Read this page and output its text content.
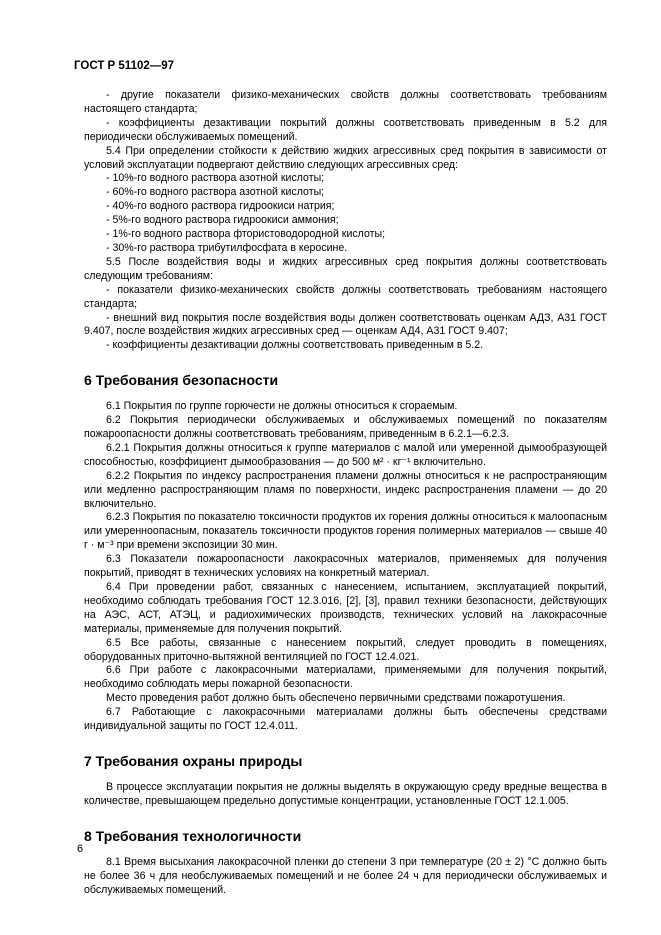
ГОСТ Р 51102—97

- другие показатели физико-механических свойств должны соответствовать требованиям настоящего стандарта;

- коэффициенты дезактивации покрытий должны соответствовать приведенным в 5.2 для периодически обслуживаемых помещений.

5.4 При определении стойкости к действию жидких агрессивных сред покрытия в зависимости от условий эксплуатации подвергают действию следующих агрессивных сред:

- 10%-го водного раствора азотной кислоты;

- 60%-го водного раствора азотной кислоты;

- 40%-го водного раствора гидроокиси натрия;

- 5%-го водного раствора гидроокиси аммония;

- 1%-го водного раствора фтористоводородной кислоты;

- 30%-го раствора трибутилфосфата в керосине.

5.5 После воздействия воды и жидких агрессивных сред покрытия должны соответствовать следующим требованиям:

- показатели физико-механических свойств должны соответствовать требованиям настоящего стандарта;

- внешний вид покрытия после воздействия воды должен соответствовать оценкам АДЗ, А31 ГОСТ 9.407, после воздействия жидких агрессивных сред — оценкам АД4, А31 ГОСТ 9.407;

- коэффициенты дезактивации должны соответствовать приведенным в 5.2.

6 Требования безопасности

6.1 Покрытия по группе горючести не должны относиться к сгораемым.

6.2 Покрытия периодически обслуживаемых и обслуживаемых помещений по показателям пожароопасности должны соответствовать требованиям, приведенным в 6.2.1—6.2.3.

6.2.1 Покрытия должны относиться к группе материалов с малой или умеренной дымообразующей способностью, коэффициент дымообразования — до 500 м² · кг⁻¹ включительно.

6.2.2 Покрытия по индексу распространения пламени должны относиться к не распространяющим или медленно распространяющим пламя по поверхности, индекс распространения пламени — до 20 включительно.

6.2.3 Покрытия по показателю токсичности продуктов их горения должны относиться к малоопасным или умеренноопасным, показатель токсичности продуктов горения полимерных материалов — свыше 40 г · м⁻³ при времени экспозиции 30 мин.

6.3 Показатели пожароопасности лакокрасочных материалов, применяемых для получения покрытий, приводят в технических условиях на конкретный материал.

6.4 При проведении работ, связанных с нанесением, испытанием, эксплуатацией покрытий, необходимо соблюдать требования ГОСТ 12.3.016, [2], [3], правил техники безопасности, действующих на АЭС, АСТ, АТЭЦ, и радиохимических производств, технических условий на лакокрасочные материалы, применяемые для получения покрытий.

6.5 Все работы, связанные с нанесением покрытий, следует проводить в помещениях, оборудованных приточно-вытяжной вентиляцией по ГОСТ 12.4.021.

6.6 При работе с лакокрасочными материалами, применяемыми для получения покрытий, необходимо соблюдать меры пожарной безопасности.

Место проведения работ должно быть обеспечено первичными средствами пожаротушения.

6.7 Работающие с лакокрасочными материалами должны быть обеспечены средствами индивидуальной защиты по ГОСТ 12.4.011.

7 Требования охраны природы

В процессе эксплуатации покрытия не должны выделять в окружающую среду вредные вещества в количестве, превышающем предельно допустимые концентрации, установленные ГОСТ 12.1.005.

8 Требования технологичности

8.1 Время высыхания лакокрасочной пленки до степени 3 при температуре (20 ± 2) °С должно быть не более 36 ч для необслуживаемых помещений и не более 24 ч для периодически обслуживаемых и обслуживаемых помещений.

6
